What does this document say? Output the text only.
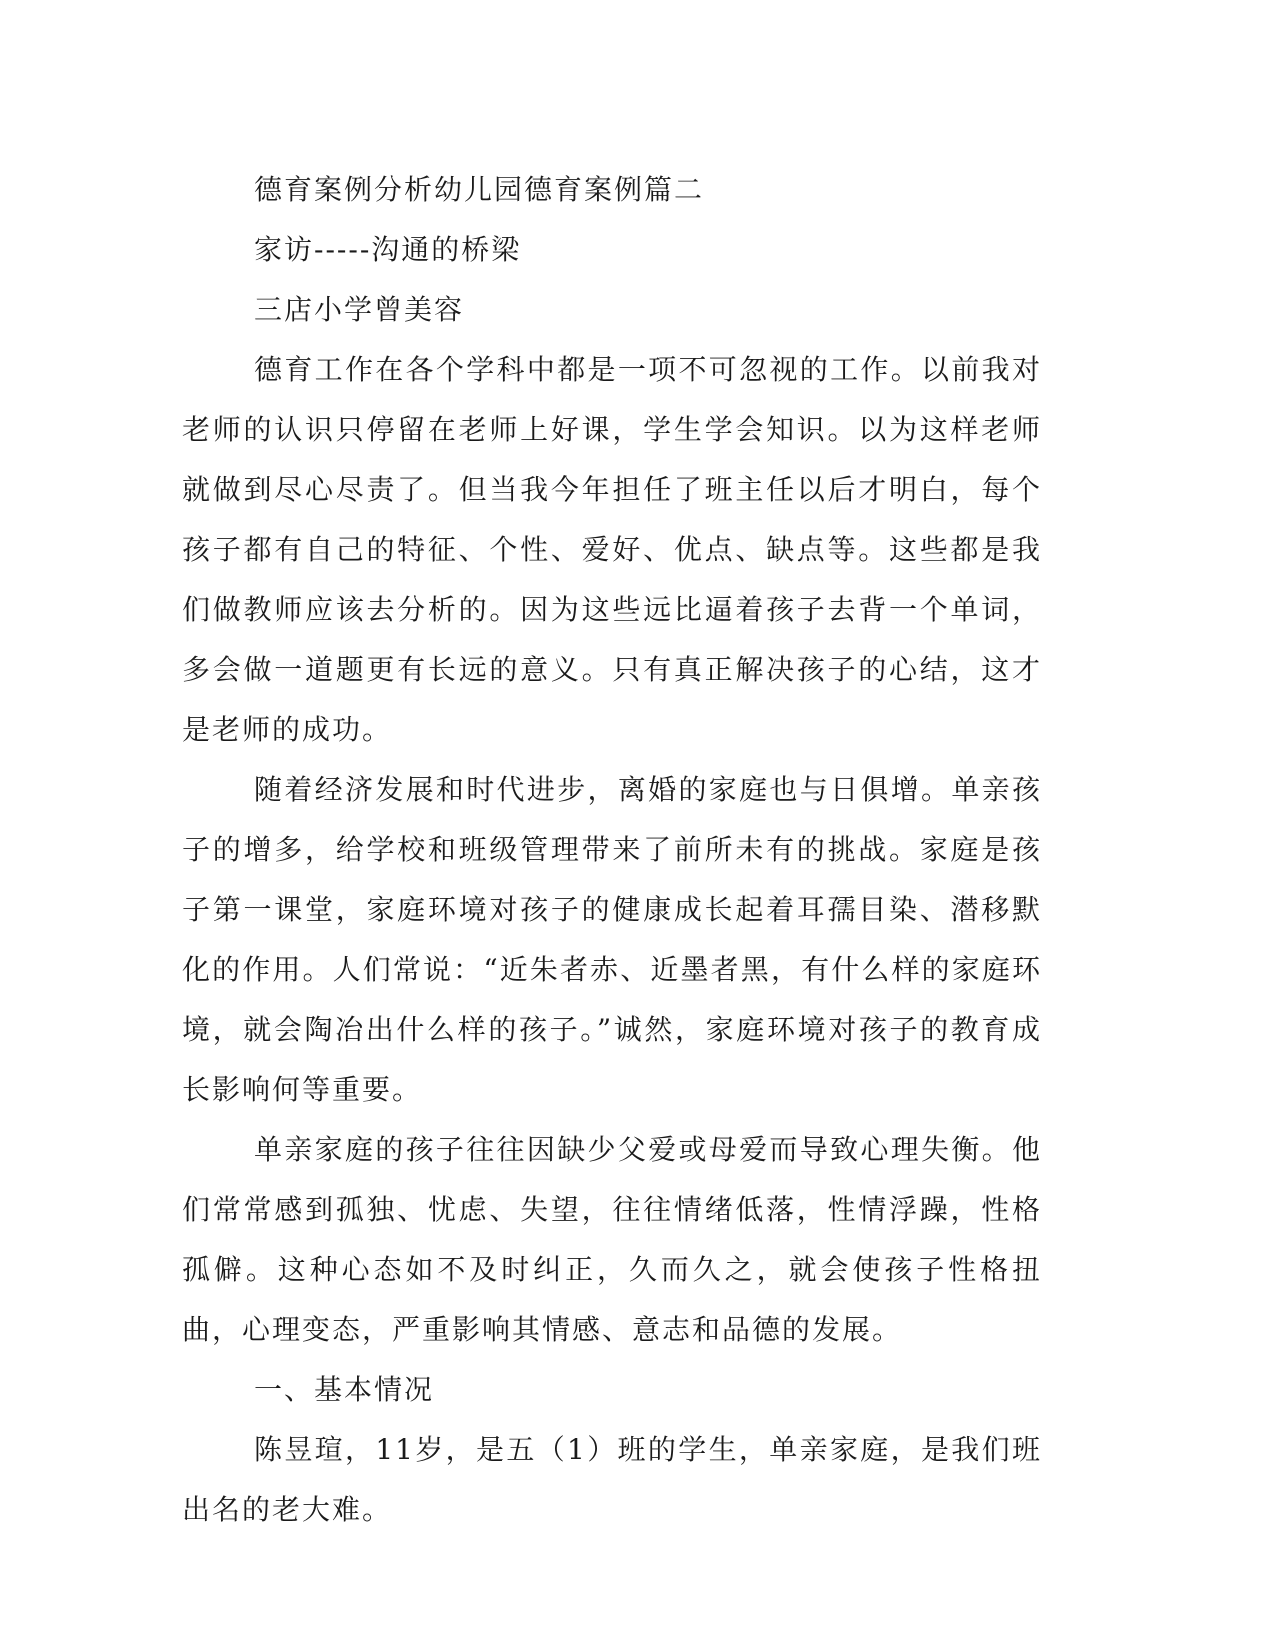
德育案例分析幼儿园德育案例篇二

家访-----沟通的桥梁

三店小学曾美容

德育工作在各个学科中都是一项不可忽视的工作。以前我对老师的认识只停留在老师上好课，学生学会知识。以为这样老师就做到尽心尽责了。但当我今年担任了班主任以后才明白，每个孩子都有自己的特征、个性、爱好、优点、缺点等。这些都是我们做教师应该去分析的。因为这些远比逼着孩子去背一个单词，多会做一道题更有长远的意义。只有真正解决孩子的心结，这才是老师的成功。

随着经济发展和时代进步，离婚的家庭也与日俱增。单亲孩子的增多，给学校和班级管理带来了前所未有的挑战。家庭是孩子第一课堂，家庭环境对孩子的健康成长起着耳孺目染、潜移默化的作用。人们常说：“近朱者赤、近墨者黑，有什么样的家庭环境，就会陶冶出什么样的孩子。”诚然，家庭环境对孩子的教育成长影响何等重要。

单亲家庭的孩子往往因缺少父爱或母爱而导致心理失衡。他们常常感到孤独、忧虑、失望，往往情绪低落，性情浮躁，性格孤僻。这种心态如不及时纠正，久而久之，就会使孩子性格扭曲，心理变态，严重影响其情感、意志和品德的发展。

一、基本情况

陈昱瑄，11岁，是五（1）班的学生，单亲家庭，是我们班出名的老大难。
